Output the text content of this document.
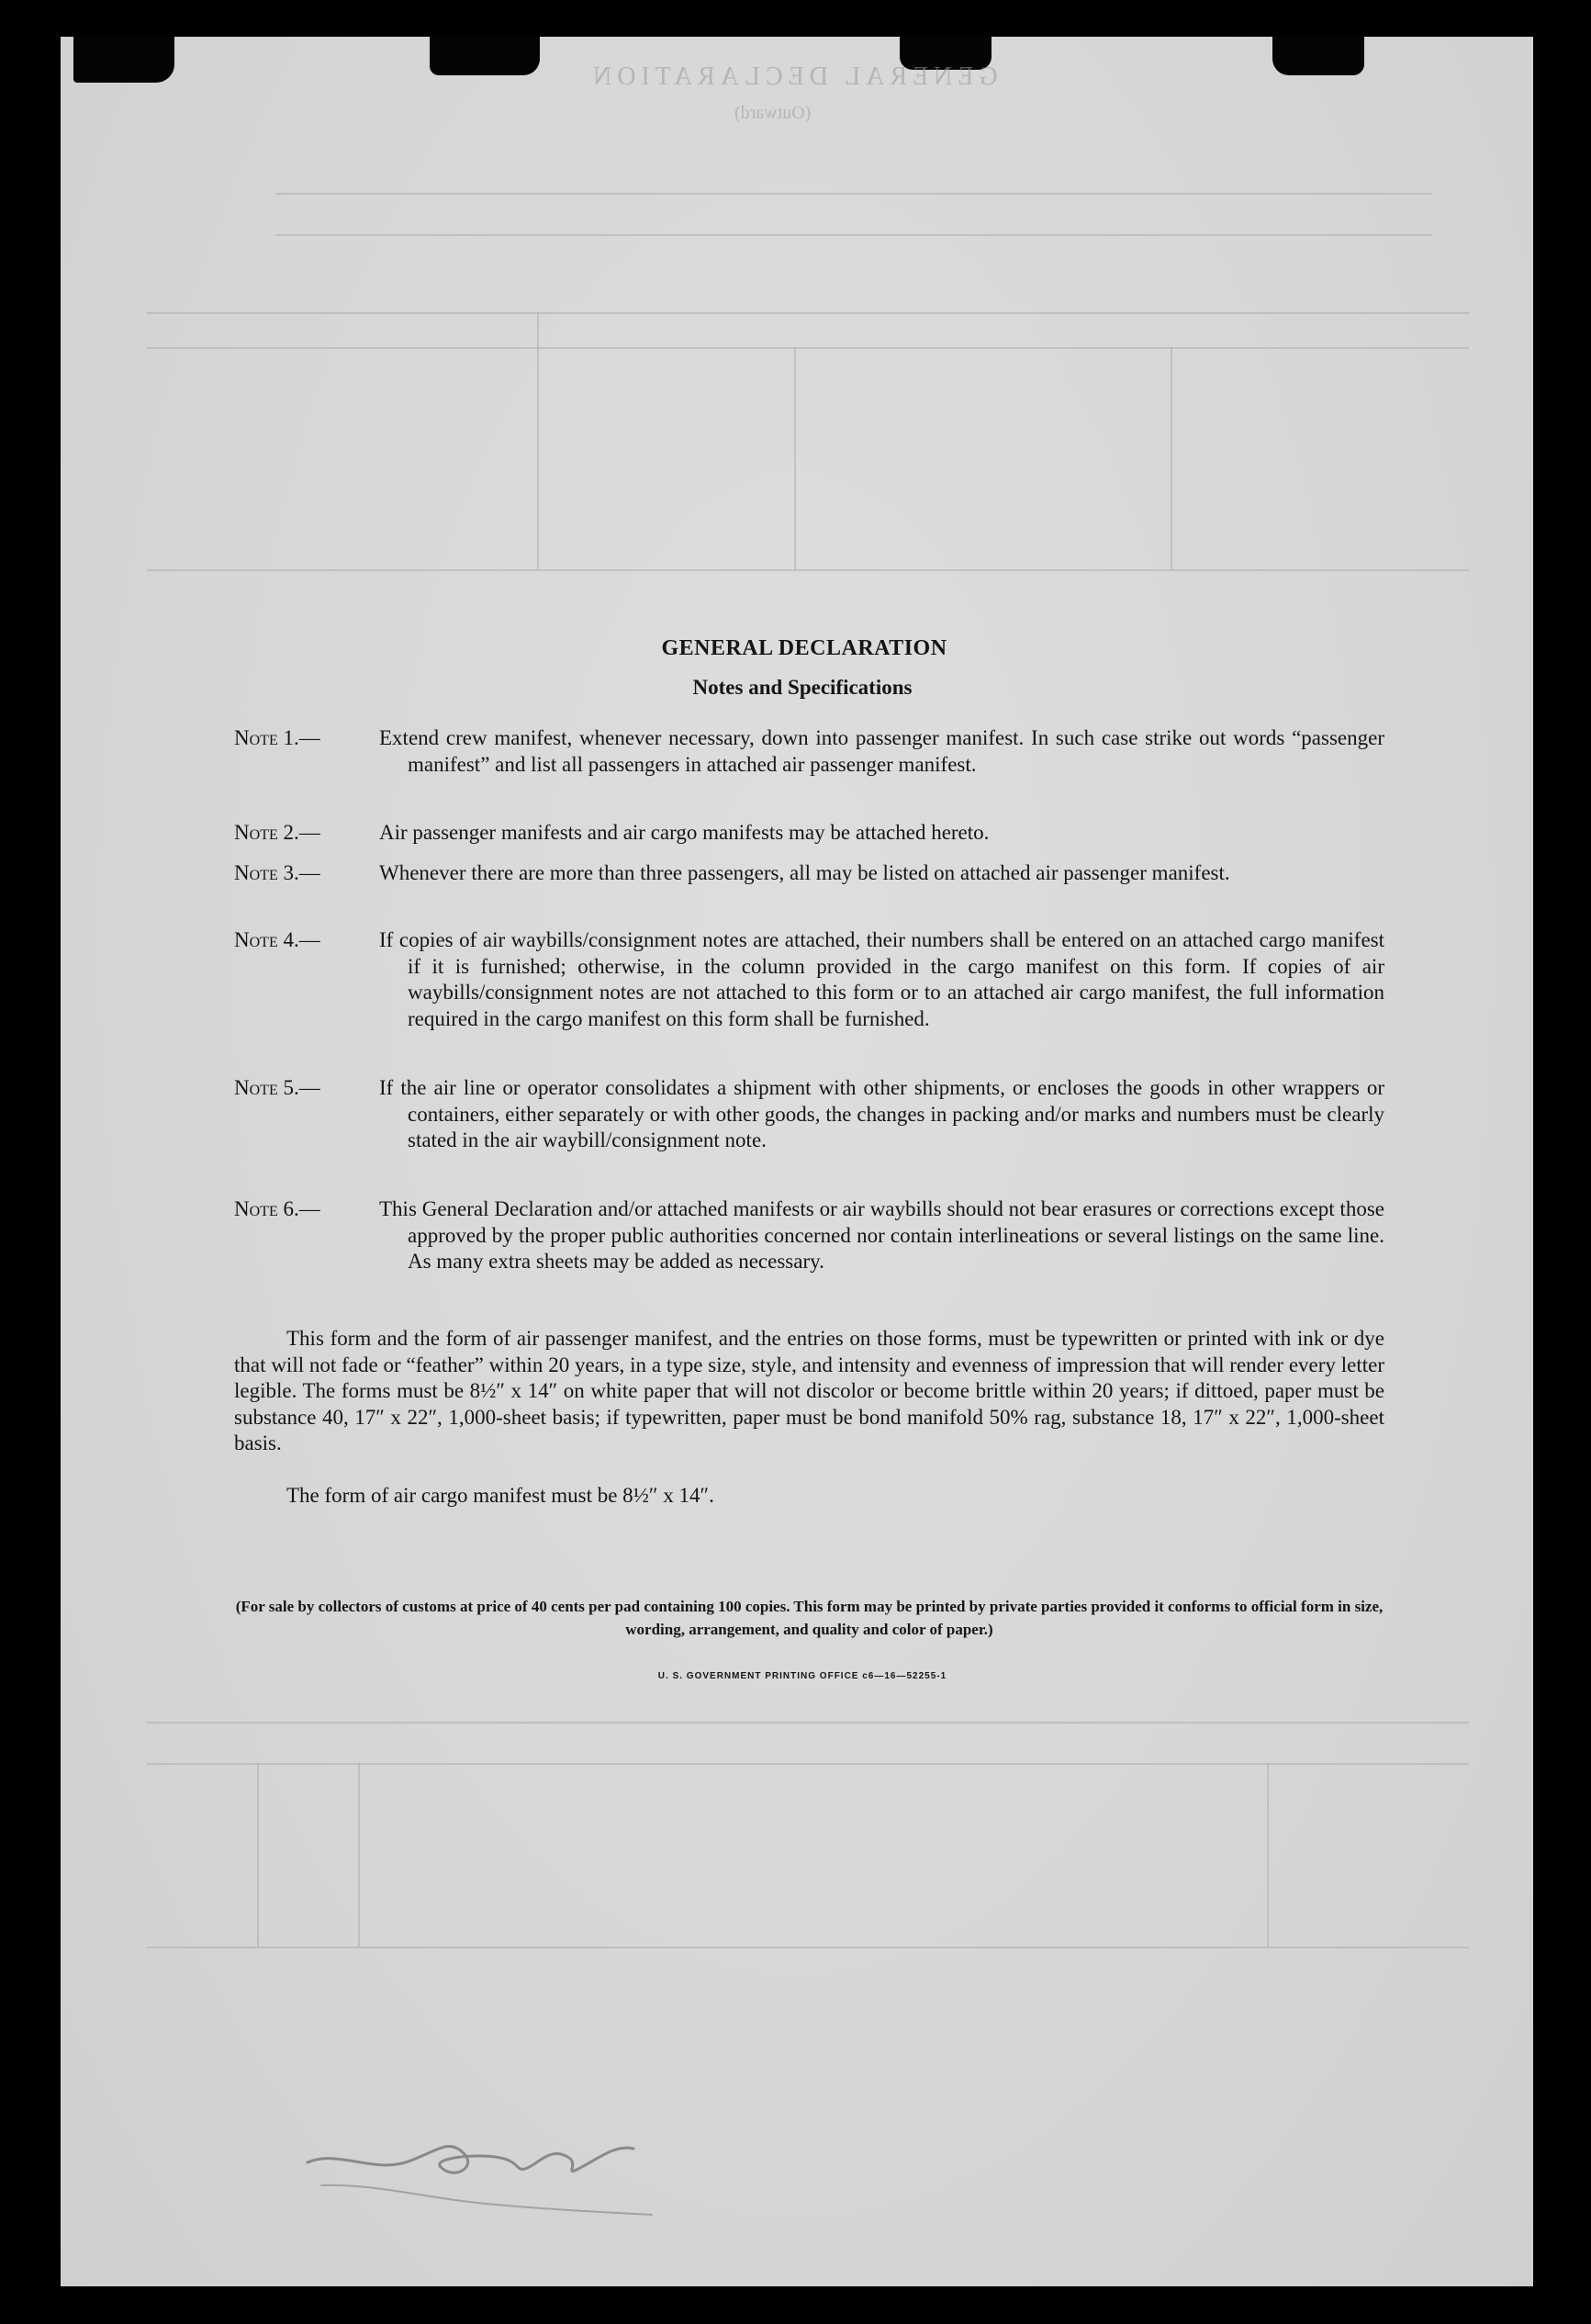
GENERAL DECLARATION
(Outward)
GENERAL DECLARATION
Notes and Specifications
Note 1.—	Extend crew manifest, whenever necessary, down into passenger manifest. In such case strike out words “passenger manifest” and list all passengers in attached air passenger manifest.
Note 2.—	Air passenger manifests and air cargo manifests may be attached hereto.
Note 3.—	Whenever there are more than three passengers, all may be listed on attached air passenger manifest.
Note 4.—	If copies of air waybills/consignment notes are attached, their numbers shall be entered on an attached cargo manifest if it is furnished; otherwise, in the column provided in the cargo manifest on this form. If copies of air waybills/consignment notes are not attached to this form or to an attached air cargo manifest, the full information required in the cargo manifest on this form shall be furnished.
Note 5.—	If the air line or operator consolidates a shipment with other shipments, or encloses the goods in other wrappers or containers, either separately or with other goods, the changes in packing and/or marks and numbers must be clearly stated in the air waybill/consignment note.
Note 6.—	This General Declaration and/or attached manifests or air waybills should not bear erasures or corrections except those approved by the proper public authorities concerned nor contain interlineations or several listings on the same line. As many extra sheets may be added as necessary.
This form and the form of air passenger manifest, and the entries on those forms, must be typewritten or printed with ink or dye that will not fade or “feather” within 20 years, in a type size, style, and intensity and evenness of impression that will render every letter legible. The forms must be 8½″ x 14″ on white paper that will not discolor or become brittle within 20 years; if dittoed, paper must be substance 40, 17″ x 22″, 1,000-sheet basis; if typewritten, paper must be bond manifold 50% rag, substance 18, 17″ x 22″, 1,000-sheet basis.
The form of air cargo manifest must be 8½″ x 14″.
(For sale by collectors of customs at price of 40 cents per pad containing 100 copies. This form may be printed by private parties provided it conforms to official form in size, wording, arrangement, and quality and color of paper.)
U. S. GOVERNMENT PRINTING OFFICE c6—16—52255-1
